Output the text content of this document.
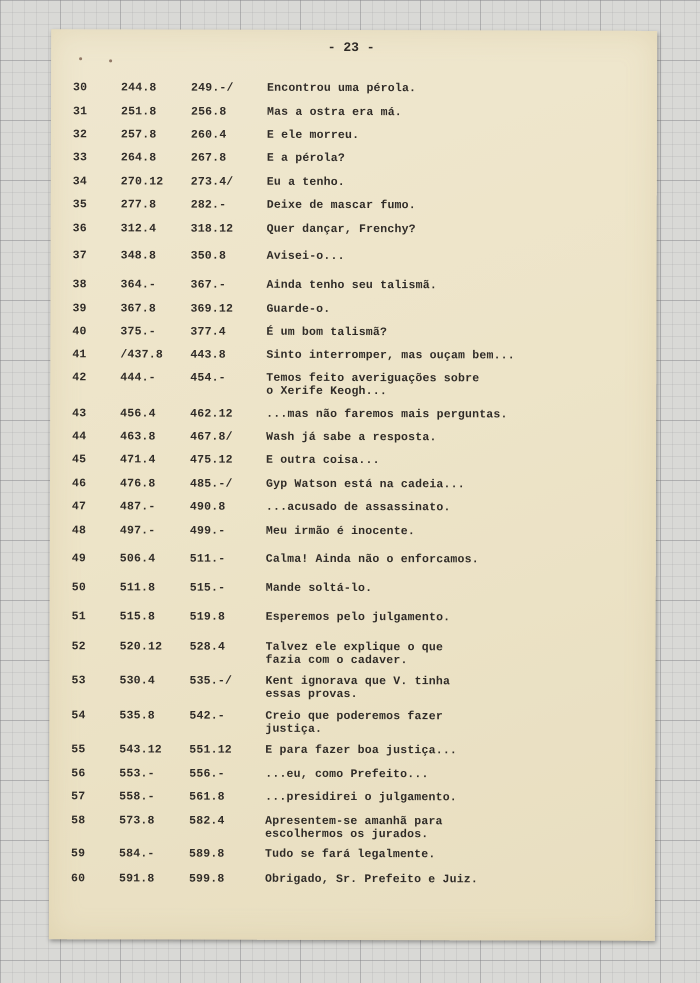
- 23 -
30	244.8	249.-/	Encontrou uma pérola.
31	251.8	256.8	Mas a ostra era má.
32	257.8	260.4	E ele morreu.
33	264.8	267.8	E a pérola?
34	270.12 273.4/	Eu a tenho.
35	277.8	282.-	Deixe de mascar fumo.
36	312.4	318.12	Quer dançar, Frenchy?
37	348.8	350.8	Avisei-o...
38	364.-	367.-	Ainda tenho seu talismã.
39	367.8	369.12	Guarde-o.
40	375.-	377.4	É um bom talismã?
41	/437.8 443.8	Sinto interromper, mas ouçam bem...
42	444.-	454.-	Temos feito averiguações sobre
o Xerife Keogh...
43	456.4	462.12	...mas não faremos mais perguntas.
44	463.8	467.8/	Wash já sabe a resposta.
45	471.4	475.12	E outra coisa...
46	476.8	485.-/	Gyp Watson está na cadeia...
47	487.-	490.8	...acusado de assassinato.
48	497.-	499.-	Meu irmão é inocente.
49	506.4	511.-	Calma! Ainda não o enforcamos.
50	511.8	515.-	Mande soltá-lo.
51	515.8	519.8	Esperemos pelo julgamento.
52	520.12 528.4	Talvez ele explique o que
fazia com o cadaver.
53	530.4	535.-/	Kent ignorava que V. tinha
essas provas.
54	535.8	542.-	Creio que poderemos fazer
justiça.
55	543.12 551.12	E para fazer boa justiça...
56	553.-	556.-	...eu, como Prefeito...
57	558.-	561.8	...presidirei o julgamento.
58	573.8	582.4	Apresentem-se amanhã para
escolhermos os jurados.
59	584.-	589.8	Tudo se fará legalmente.
60	591.8	599.8	Obrigado, Sr. Prefeito e Juiz.
